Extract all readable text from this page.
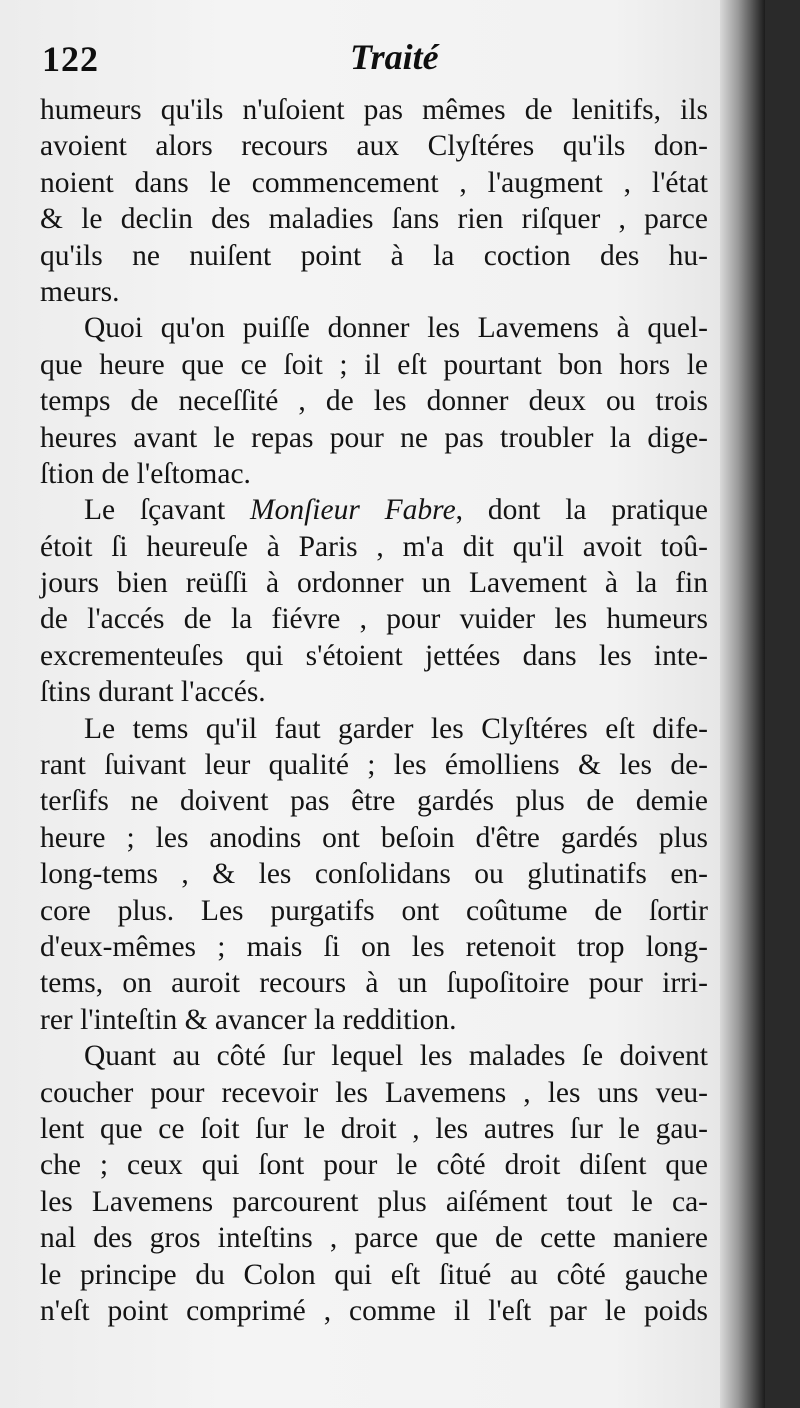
122	Traité
humeurs qu'ils n'uſoient pas mêmes de lenitifs, ils
avoient alors recours aux Clyſtéres qu'ils don-
noient dans le commencement , l'augment , l'état
& le declin des maladies ſans rien riſquer , parce
qu'ils ne nuiſent point à la coction des hu-
meurs.
Quoi qu'on puiſſe donner les Lavemens à quel-
que heure que ce ſoit ; il eſt pourtant bon hors le
temps de neceſſité , de les donner deux ou trois
heures avant le repas pour ne pas troubler la dige-
ſtion de l'eſtomac.
Le ſçavant Monſieur Fabre, dont la pratique
étoit ſi heureuſe à Paris , m'a dit qu'il avoit toû-
jours bien reüſſi à ordonner un Lavement à la fin
de l'accés de la fiévre , pour vuider les humeurs
excrementeuſes qui s'étoient jettées dans les inte-
ſtins durant l'accés.
Le tems qu'il faut garder les Clyſtéres eſt dife-
rant ſuivant leur qualité ; les émolliens & les de-
terſifs ne doivent pas être gardés plus de demie
heure ; les anodins ont beſoin d'être gardés plus
long-tems , & les conſolidans ou glutinatifs en-
core plus. Les purgatifs ont coûtume de ſortir
d'eux-mêmes ; mais ſi on les retenoit trop long-
tems, on auroit recours à un ſupoſitoire pour irri-
rer l'inteſtin & avancer la reddition.
Quant au côté ſur lequel les malades ſe doivent
coucher pour recevoir les Lavemens , les uns veu-
lent que ce ſoit ſur le droit , les autres ſur le gau-
che ; ceux qui ſont pour le côté droit diſent que
les Lavemens parcourent plus aiſément tout le ca-
nal des gros inteſtins , parce que de cette maniere
le principe du Colon qui eſt ſitué au côté gauche
n'eſt point comprimé , comme il l'eſt par le poids
